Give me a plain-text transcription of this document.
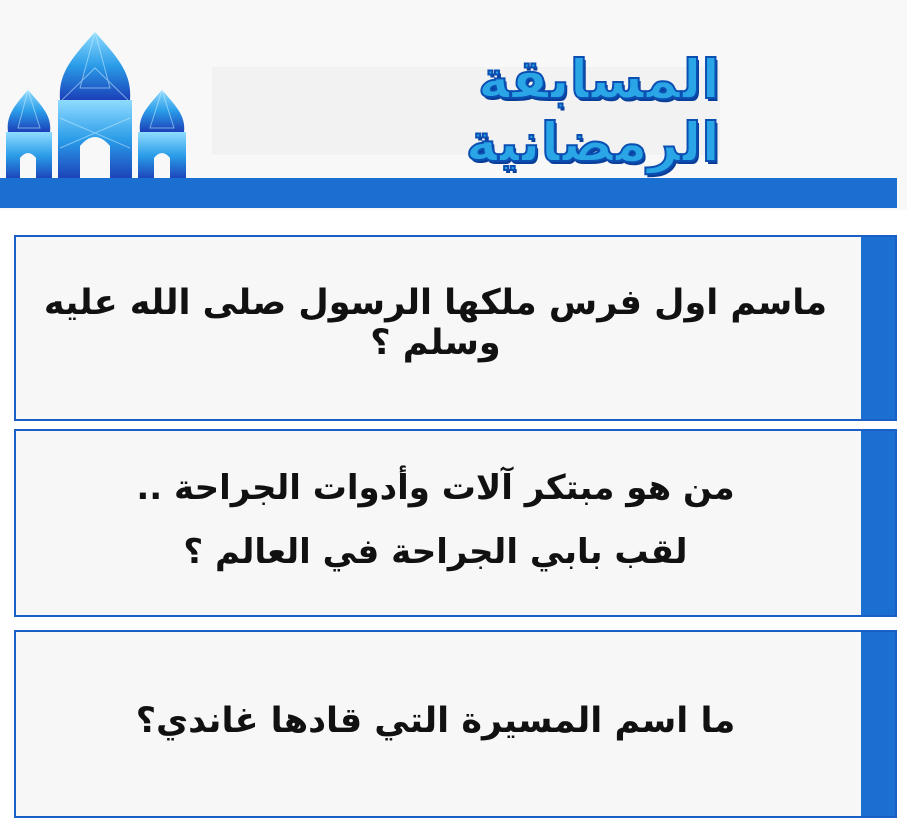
المسابقة الرمضانية
ماسم اول فرس ملكها الرسول صلى الله عليه وسلم ؟
من هو مبتكر آلات وأدوات الجراحة ..
لقب بابي الجراحة في العالم ؟
ما اسم المسيرة التي قادها غاندي؟
